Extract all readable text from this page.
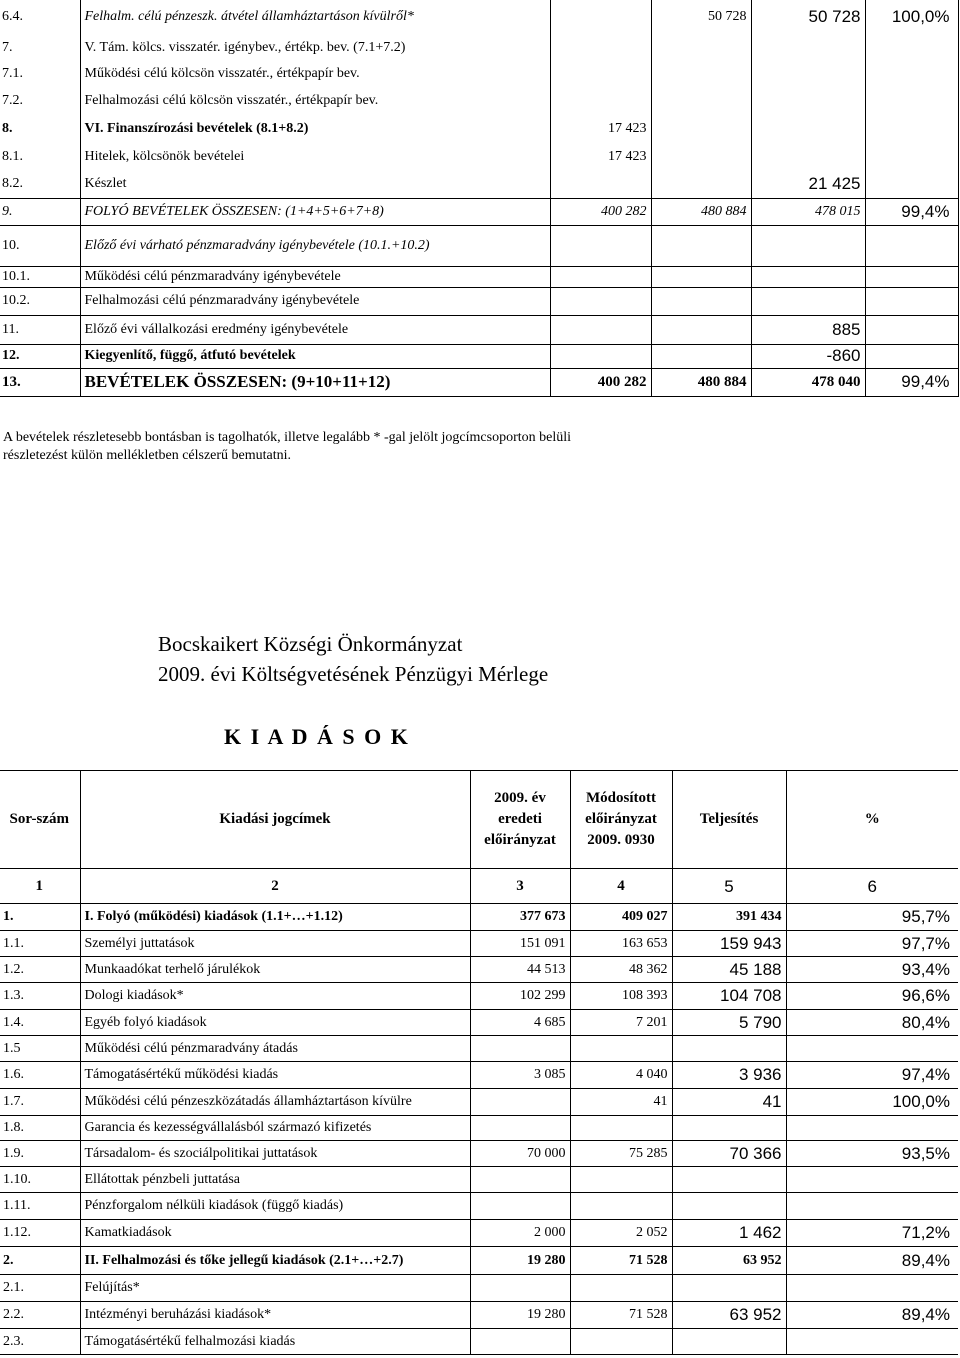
6.4.	Felhalm. célú pénzeszk. átvétel államháztartáson kívülről*		50 728	50 728	100,0%
7.	V. Tám. kölcs. visszatér. igénybev., értékp. bev. (7.1+7.2)				
7.1.	Működési célú kölcsön visszatér., értékpapír bev.				
7.2.	Felhalmozási célú kölcsön visszatér., értékpapír bev.				
8.	VI. Finanszírozási bevételek (8.1+8.2)	17 423			
8.1.	Hitelek, kölcsönök bevételei	17 423			
8.2.	Készlet			21 425	
9.	FOLYÓ BEVÉTELEK ÖSSZESEN: (1+4+5+6+7+8)	400 282	480 884	478 015	99,4%
10.	Előző évi várható pénzmaradvány igénybevétele (10.1.+10.2)				
10.1.	Működési célú pénzmaradvány igénybevétele				
10.2.	Felhalmozási célú pénzmaradvány igénybevétele				
11.	Előző évi vállalkozási eredmény igénybevétele			885	
12.	Kiegyenlítő, függő, átfutó bevételek			-860	
13.	BEVÉTELEK ÖSSZESEN: (9+10+11+12)	400 282	480 884	478 040	99,4%
A bevételek részletesebb bontásban is tagolhatók, illetve legalább * -gal jelölt jogcímcsoporton belüli részletezést külön mellékletben célszerű bemutatni.
Bocskaikert Községi Önkormányzat
2009. évi Költségvetésének Pénzügyi Mérlege
K I A D Á S O K
Sor-szám	Kiadási jogcímek	2009. év eredeti előirányzat	Módosított előirányzat 2009. 0930	Teljesítés	%
1	2	3	4	5	6
1.	I. Folyó (működési) kiadások (1.1+…+1.12)	377 673	409 027	391 434	95,7%
1.1.	Személyi juttatások	151 091	163 653	159 943	97,7%
1.2.	Munkaadókat terhelő járulékok	44 513	48 362	45 188	93,4%
1.3.	Dologi kiadások*	102 299	108 393	104 708	96,6%
1.4.	Egyéb folyó kiadások	4 685	7 201	5 790	80,4%
1.5	Működési célú pénzmaradvány átadás				
1.6.	Támogatásértékű működési kiadás	3 085	4 040	3 936	97,4%
1.7.	Működési célú pénzeszközátadás államháztartáson kívülre		41	41	100,0%
1.8.	Garancia és kezességvállalásból származó kifizetés				
1.9.	Társadalom- és szociálpolitikai juttatások	70 000	75 285	70 366	93,5%
1.10.	Ellátottak pénzbeli juttatása				
1.11.	Pénzforgalom nélküli kiadások (függő kiadás)				
1.12.	Kamatkiadások	2 000	2 052	1 462	71,2%
2.	II. Felhalmozási és tőke jellegű kiadások (2.1+…+2.7)	19 280	71 528	63 952	89,4%
2.1.	Felújítás*				
2.2.	Intézményi beruházási kiadások*	19 280	71 528	63 952	89,4%
2.3.	Támogatásértékű felhalmozási kiadás				
